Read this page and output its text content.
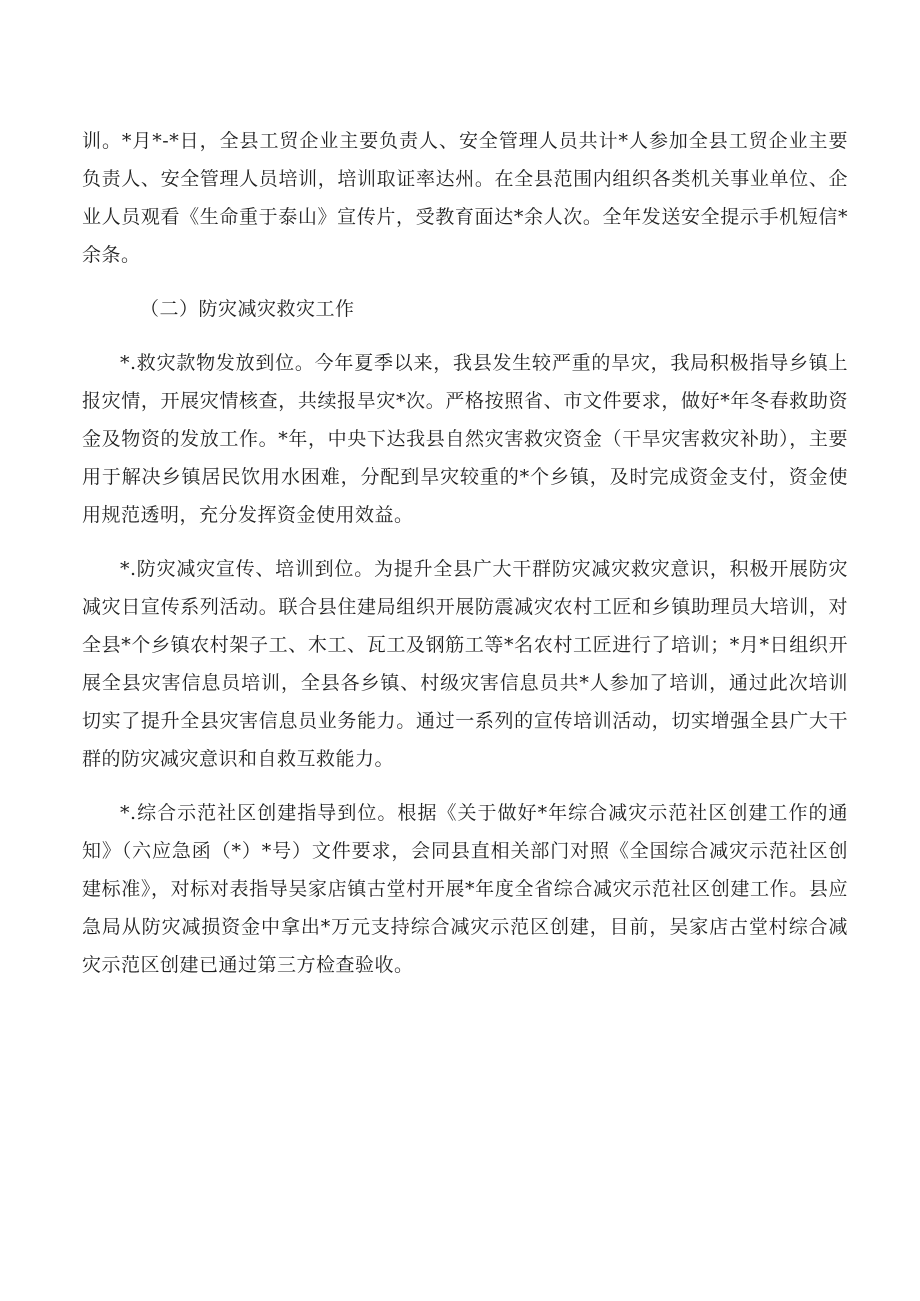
训。*月*-*日，全县工贸企业主要负责人、安全管理人员共计*人参加全县工贸企业主要负责人、安全管理人员培训，培训取证率达州。在全县范围内组织各类机关事业单位、企业人员观看《生命重于泰山》宣传片，受教育面达*余人次。全年发送安全提示手机短信*余条。

（二）防灾减灾救灾工作

*.救灾款物发放到位。今年夏季以来，我县发生较严重的旱灾，我局积极指导乡镇上报灾情，开展灾情核查，共续报旱灾*次。严格按照省、市文件要求，做好*年冬春救助资金及物资的发放工作。*年，中央下达我县自然灾害救灾资金（干旱灾害救灾补助），主要用于解决乡镇居民饮用水困难，分配到旱灾较重的*个乡镇，及时完成资金支付，资金使用规范透明，充分发挥资金使用效益。

*.防灾减灾宣传、培训到位。为提升全县广大干群防灾减灾救灾意识，积极开展防灾减灾日宣传系列活动。联合县住建局组织开展防震减灾农村工匠和乡镇助理员大培训，对全县*个乡镇农村架子工、木工、瓦工及钢筋工等*名农村工匠进行了培训；*月*日组织开展全县灾害信息员培训，全县各乡镇、村级灾害信息员共*人参加了培训，通过此次培训切实了提升全县灾害信息员业务能力。通过一系列的宣传培训活动，切实增强全县广大干群的防灾减灾意识和自救互救能力。

*.综合示范社区创建指导到位。根据《关于做好*年综合减灾示范社区创建工作的通知》（六应急函（*）*号）文件要求，会同县直相关部门对照《全国综合减灾示范社区创建标准》，对标对表指导吴家店镇古堂村开展*年度全省综合减灾示范社区创建工作。县应急局从防灾减损资金中拿出*万元支持综合减灾示范区创建，目前，吴家店古堂村综合减灾示范区创建已通过第三方检查验收。
